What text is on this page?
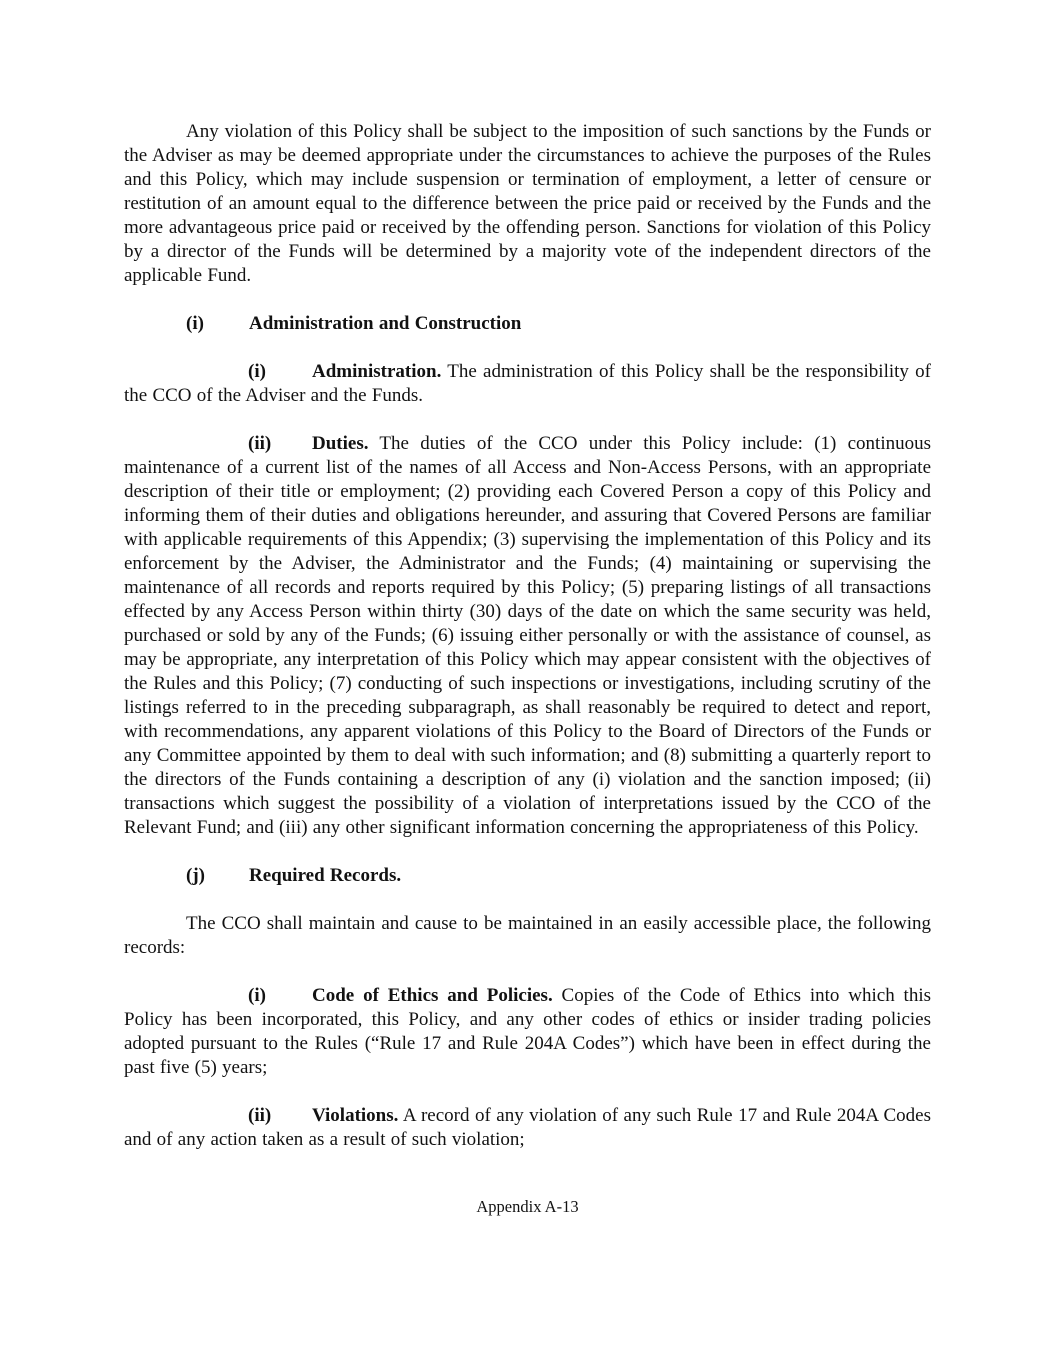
Any violation of this Policy shall be subject to the imposition of such sanctions by the Funds or the Adviser as may be deemed appropriate under the circumstances to achieve the purposes of the Rules and this Policy, which may include suspension or termination of employment, a letter of censure or restitution of an amount equal to the difference between the price paid or received by the Funds and the more advantageous price paid or received by the offending person. Sanctions for violation of this Policy by a director of the Funds will be determined by a majority vote of the independent directors of the applicable Fund.

(i) Administration and Construction

(i) Administration. The administration of this Policy shall be the responsibility of the CCO of the Adviser and the Funds.

(ii) Duties. The duties of the CCO under this Policy include: (1) continuous maintenance of a current list of the names of all Access and Non-Access Persons, with an appropriate description of their title or employment; (2) providing each Covered Person a copy of this Policy and informing them of their duties and obligations hereunder, and assuring that Covered Persons are familiar with applicable requirements of this Appendix; (3) supervising the implementation of this Policy and its enforcement by the Adviser, the Administrator and the Funds; (4) maintaining or supervising the maintenance of all records and reports required by this Policy; (5) preparing listings of all transactions effected by any Access Person within thirty (30) days of the date on which the same security was held, purchased or sold by any of the Funds; (6) issuing either personally or with the assistance of counsel, as may be appropriate, any interpretation of this Policy which may appear consistent with the objectives of the Rules and this Policy; (7) conducting of such inspections or investigations, including scrutiny of the listings referred to in the preceding subparagraph, as shall reasonably be required to detect and report, with recommendations, any apparent violations of this Policy to the Board of Directors of the Funds or any Committee appointed by them to deal with such information; and (8) submitting a quarterly report to the directors of the Funds containing a description of any (i) violation and the sanction imposed; (ii) transactions which suggest the possibility of a violation of interpretations issued by the CCO of the Relevant Fund; and (iii) any other significant information concerning the appropriateness of this Policy.

(j) Required Records.

The CCO shall maintain and cause to be maintained in an easily accessible place, the following records:

(i) Code of Ethics and Policies. Copies of the Code of Ethics into which this Policy has been incorporated, this Policy, and any other codes of ethics or insider trading policies adopted pursuant to the Rules (“Rule 17 and Rule 204A Codes”) which have been in effect during the past five (5) years;

(ii) Violations. A record of any violation of any such Rule 17 and Rule 204A Codes and of any action taken as a result of such violation;

Appendix A-13
